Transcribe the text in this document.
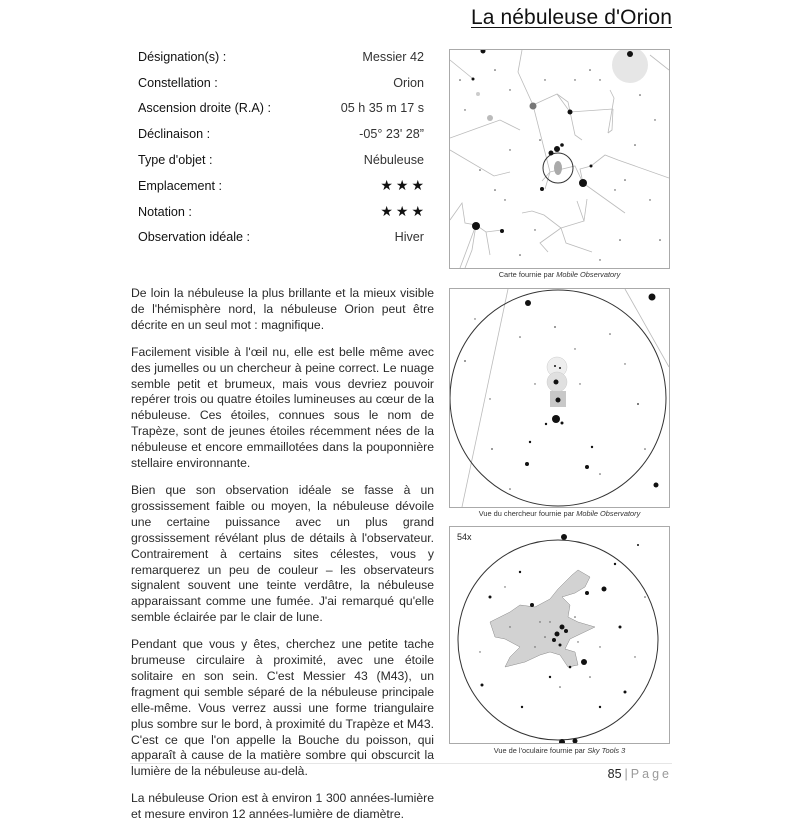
La nébuleuse d'Orion
Désignation(s) :	Messier 42
Constellation :	Orion
Ascension droite (R.A) :	05 h 35 m 17 s
Déclinaison :	-05° 23' 28”
Type d'objet :	Nébuleuse
Emplacement :	★★★
Notation :	★★★
Observation idéale :	Hiver

De loin la nébuleuse la plus brillante et la mieux visible de l'hémisphère nord, la nébuleuse Orion peut être décrite en un seul mot : magnifique.

Facilement visible à l'œil nu, elle est belle même avec des jumelles ou un chercheur à peine correct. Le nuage semble petit et brumeux, mais vous devriez pouvoir repérer trois ou quatre étoiles lumineuses au cœur de la nébuleuse. Ces étoiles, connues sous le nom de Trapèze, sont de jeunes étoiles récemment nées de la nébuleuse et encore emmaillotées dans la pouponnière stellaire environnante.

Bien que son observation idéale se fasse à un grossissement faible ou moyen, la nébuleuse dévoile une certaine puissance avec un plus grand grossissement révélant plus de détails à l'observateur. Contrairement à certains sites célestes, vous y remarquerez un peu de couleur – les observateurs signalent souvent une teinte verdâtre, la nébuleuse apparaissant comme une fumée. J'ai remarqué qu'elle semble éclairée par le clair de lune.

Pendant que vous y êtes, cherchez une petite tache brumeuse circulaire à proximité, avec une étoile solitaire en son sein. C'est Messier 43 (M43), un fragment qui semble séparé de la nébuleuse principale elle-même. Vous verrez aussi une forme triangulaire plus sombre sur le bord, à proximité du Trapèze et M43. C'est ce que l'on appelle la Bouche du poisson, qui apparaît à cause de la matière sombre qui obscurcit la lumière de la nébuleuse au-delà.

La nébuleuse Orion est à environ 1 300 années-lumière et mesure environ 12 années-lumière de diamètre.

Carte fournie par Mobile Observatory
Vue du chercheur fournie par Mobile Observatory
54x
Vue de l'oculaire fournie par Sky Tools 3
85 | Page
